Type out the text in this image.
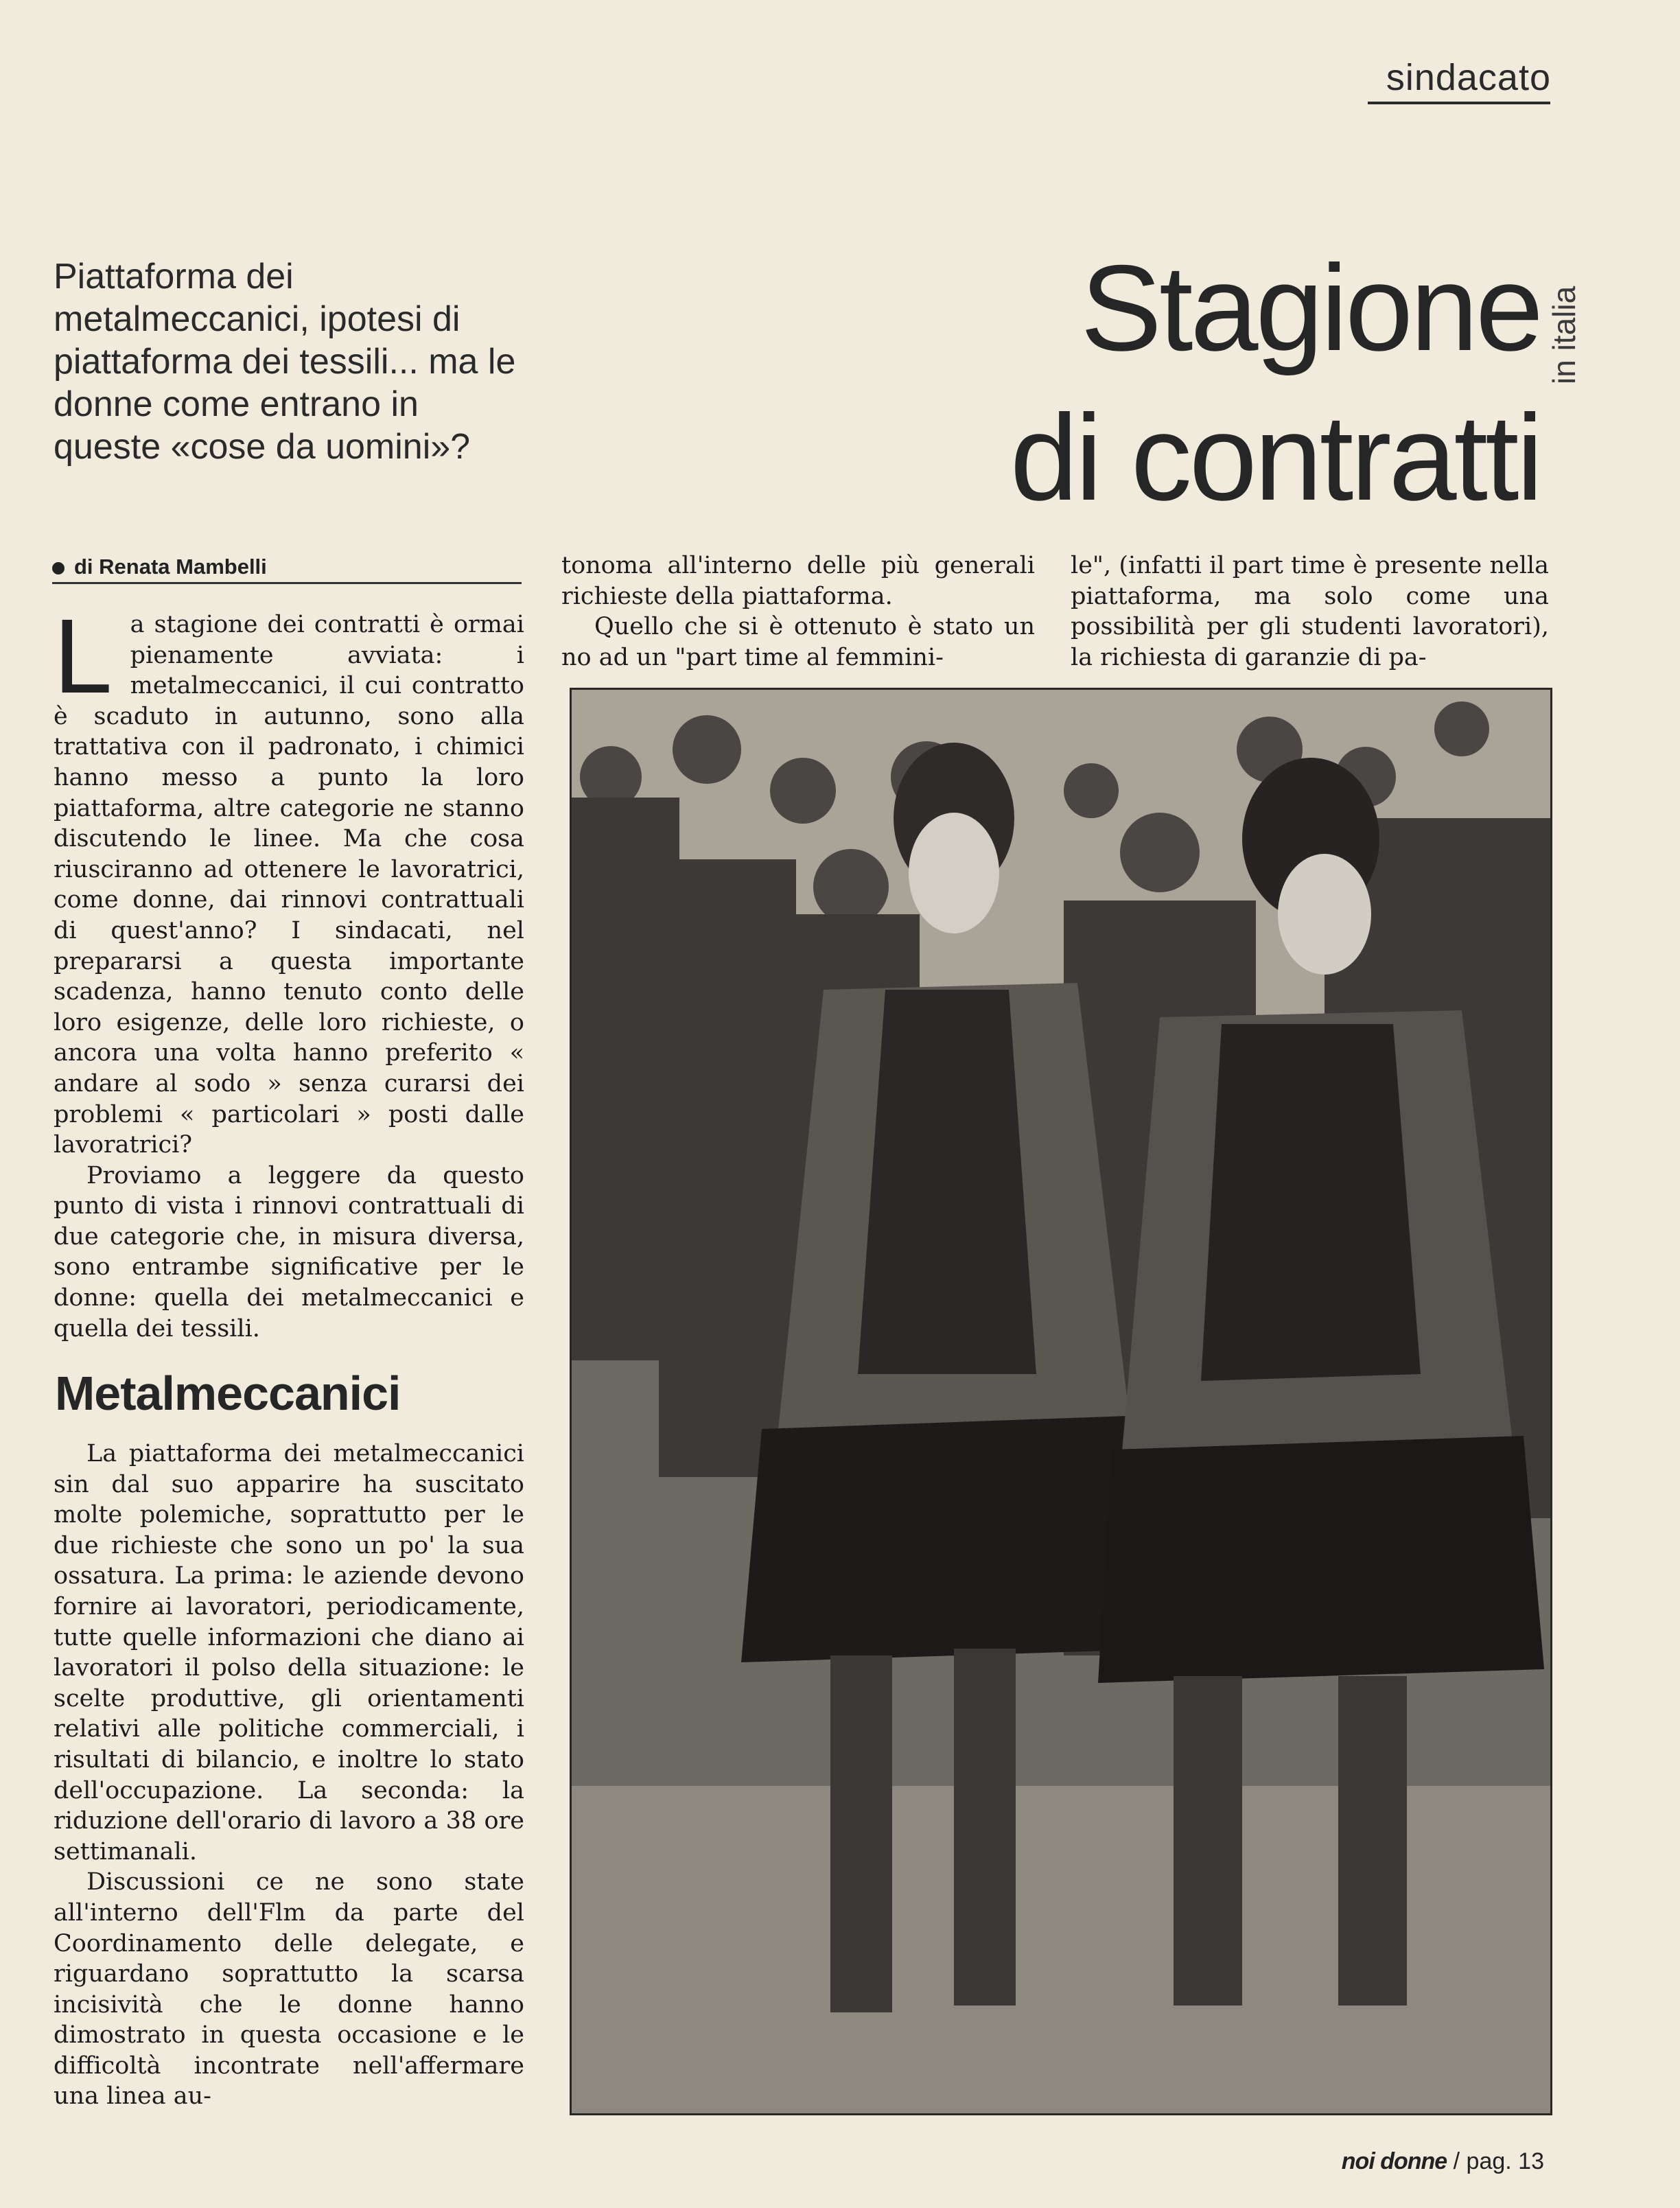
sindacato
Stagione
di contratti
in italia
Piattaforma dei metalmeccanici, ipotesi di piattaforma dei tessili... ma le donne come entrano in queste «cose da uomini»?
di Renata Mambelli
L a stagione dei contratti è ormai pienamente avviata: i metalmeccanici, il cui contratto è scaduto in autunno, sono alla trattativa con il padronato, i chimici hanno messo a punto la loro piattaforma, altre categorie ne stanno discutendo le linee. Ma che cosa riusciranno ad ottenere le lavoratrici, come donne, dai rinnovi contrattuali di quest'anno? I sindacati, nel prepararsi a questa importante scadenza, hanno tenuto conto delle loro esigenze, delle loro richieste, o ancora una volta hanno preferito « andare al sodo » senza curarsi dei problemi « particolari » posti dalle lavoratrici?

Proviamo a leggere da questo punto di vista i rinnovi contrattuali di due categorie che, in misura diversa, sono entrambe significative per le donne: quella dei metalmeccanici e quella dei tessili.

Metalmeccanici

La piattaforma dei metalmeccanici sin dal suo apparire ha suscitato molte polemiche, soprattutto per le due richieste che sono un po' la sua ossatura. La prima: le aziende devono fornire ai lavoratori, periodicamente, tutte quelle informazioni che diano ai lavoratori il polso della situazione: le scelte produttive, gli orientamenti relativi alle politiche commerciali, i risultati di bilancio, e inoltre lo stato dell'occupazione. La seconda: la riduzione dell'orario di lavoro a 38 ore settimanali.

Discussioni ce ne sono state all'interno dell'Flm da parte del Coordinamento delle delegate, e riguardano soprattutto la scarsa incisività che le donne hanno dimostrato in questa occasione e le difficoltà incontrate nell'affermare una linea au-

tonoma all'interno delle più generali richieste della piattaforma.

Quello che si è ottenuto è stato un no ad un "part time al femmini-

le", (infatti il part time è presente nella piattaforma, ma solo come una possibilità per gli studenti lavoratori), la richiesta di garanzie di pa-

noi donne / pag. 13
